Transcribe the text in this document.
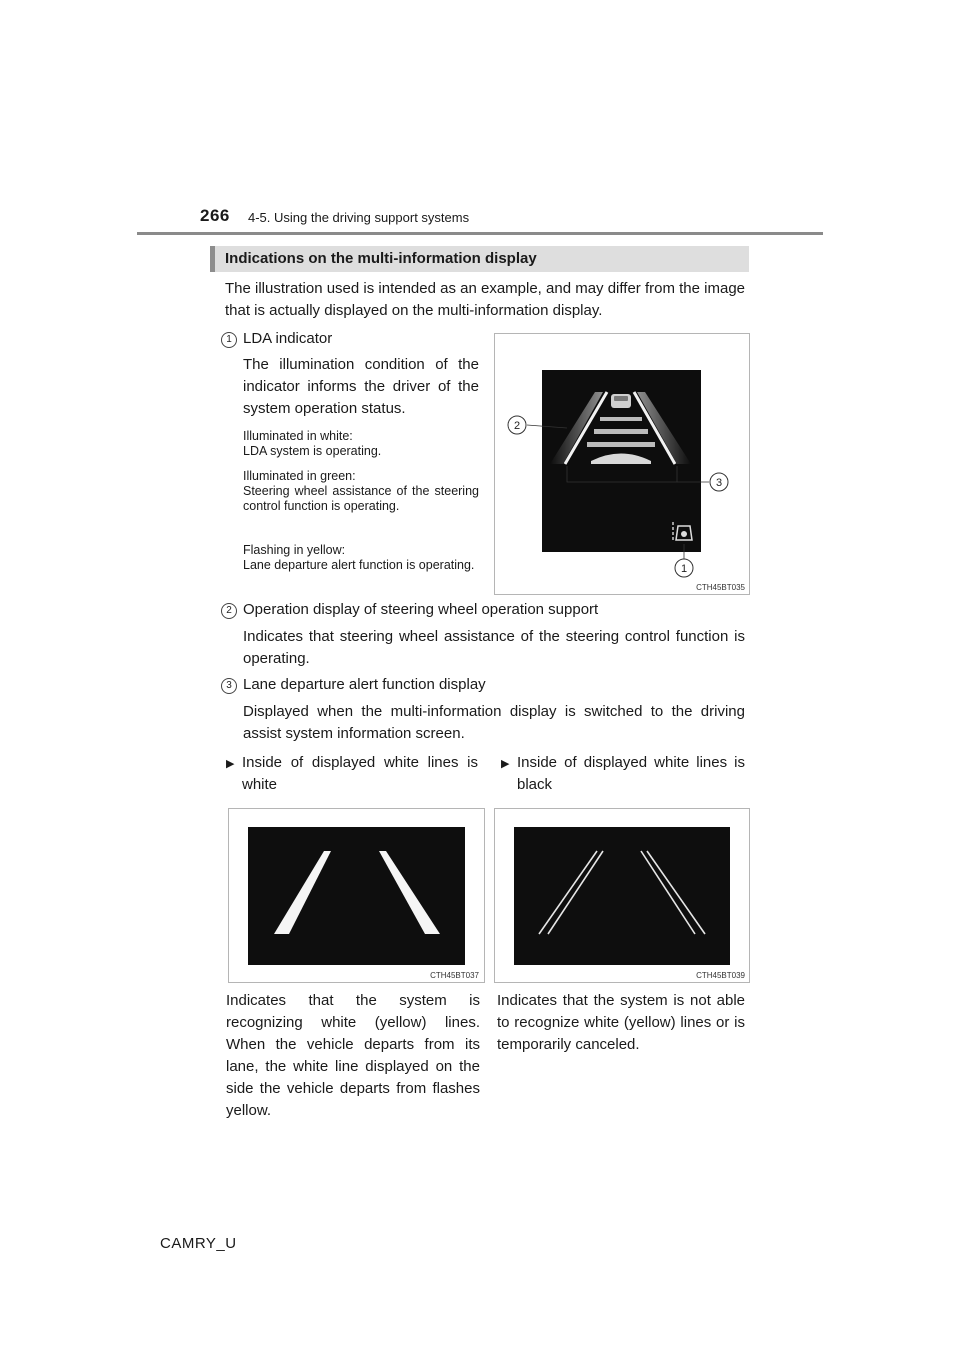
266 4-5. Using the driving support systems
Indications on the multi-information display
The illustration used is intended as an example, and may differ from the image that is actually displayed on the multi-information display.
1 LDA indicator
The illumination condition of the indicator informs the driver of the system operation status.
Illuminated in white:
LDA system is operating.
Illuminated in green:
Steering wheel assistance of the steering control function is operating.
Flashing in yellow:
Lane departure alert function is operating.
2
3
1
CTH45BT035
2 Operation display of steering wheel operation support
Indicates that steering wheel assistance of the steering control function is operating.
3 Lane departure alert function display
Displayed when the multi-information display is switched to the driving assist system information screen.
▶ Inside of displayed white lines is white
▶ Inside of displayed white lines is black
CTH45BT037	CTH45BT039
Indicates that the system is recognizing white (yellow) lines. When the vehicle departs from its lane, the white line displayed on the side the vehicle departs from flashes yellow.
Indicates that the system is not able to recognize white (yellow) lines or is temporarily canceled.
CAMRY_U
